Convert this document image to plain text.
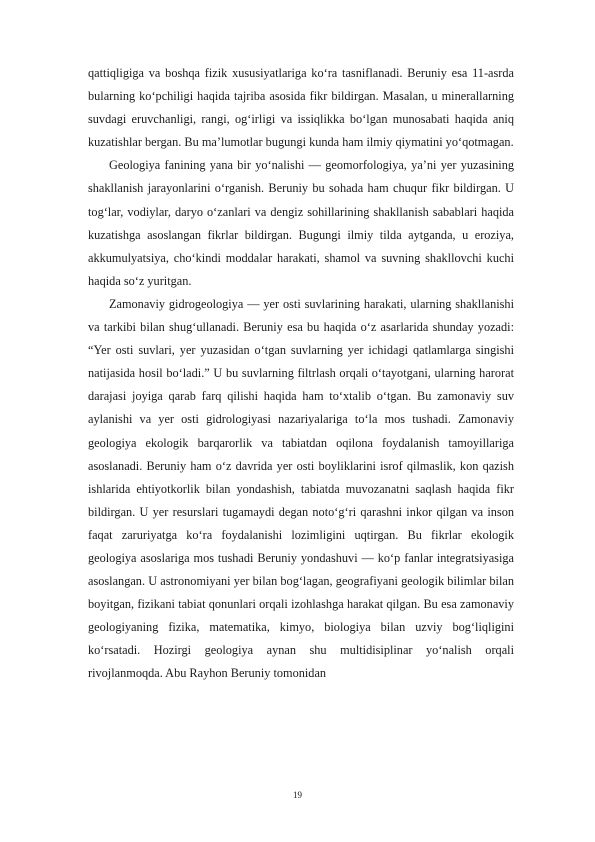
qattiqligiga va boshqa fizik xususiyatlariga ko‘ra tasniflanadi. Beruniy esa 11-asrda bularning ko‘pchiligi haqida tajriba asosida fikr bildirgan. Masalan, u minerallarning suvdagi eruvchanligi, rangi, og‘irligi va issiqlikka bo‘lgan munosabati haqida aniq kuzatishlar bergan. Bu ma’lumotlar bugungi kunda ham ilmiy qiymatini yo‘qotmagan.

Geologiya fanining yana bir yo‘nalishi — geomorfologiya, ya’ni yer yuzasining shakllanish jarayonlarini o‘rganish. Beruniy bu sohada ham chuqur fikr bildirgan. U tog‘lar, vodiylar, daryo o‘zanlari va dengiz sohillarining shakllanish sabablari haqida kuzatishga asoslangan fikrlar bildirgan. Bugungi ilmiy tilda aytganda, u eroziya, akkumulyatsiya, cho‘kindi moddalar harakati, shamol va suvning shakllovchi kuchi haqida so‘z yuritgan.

Zamonaviy gidrogeologiya — yer osti suvlarining harakati, ularning shakllanishi va tarkibi bilan shug‘ullanadi. Beruniy esa bu haqida o‘z asarlarida shunday yozadi: “Yer osti suvlari, yer yuzasidan o‘tgan suvlarning yer ichidagi qatlamlarga singishi natijasida hosil bo‘ladi.” U bu suvlarning filtrlash orqali o‘tayotgani, ularning harorat darajasi joyiga qarab farq qilishi haqida ham to‘xtalib o‘tgan. Bu zamonaviy suv aylanishi va yer osti gidrologiyasi nazariyalariga to‘la mos tushadi. Zamonaviy geologiya ekologik barqarorlik va tabiatdan oqilona foydalanish tamoyillariga asoslanadi. Beruniy ham o‘z davrida yer osti boyliklarini isrof qilmaslik, kon qazish ishlarida ehtiyotkorlik bilan yondashish, tabiatda muvozanatni saqlash haqida fikr bildirgan. U yer resurslari tugamaydi degan noto‘g‘ri qarashni inkor qilgan va inson faqat zaruriyatga ko‘ra foydalanishi lozimligini uqtirgan. Bu fikrlar ekologik geologiya asoslariga mos tushadi Beruniy yondashuvi — ko‘p fanlar integratsiyasiga asoslangan. U astronomiyani yer bilan bog‘lagan, geografiyani geologik bilimlar bilan boyitgan, fizikani tabiat qonunlari orqali izohlashga harakat qilgan. Bu esa zamonaviy geologiyaning fizika, matematika, kimyo, biologiya bilan uzviy bog‘liqligini ko‘rsatadi. Hozirgi geologiya aynan shu multidisiplinar yo‘nalish orqali rivojlanmoqda. Abu Rayhon Beruniy tomonidan

19
